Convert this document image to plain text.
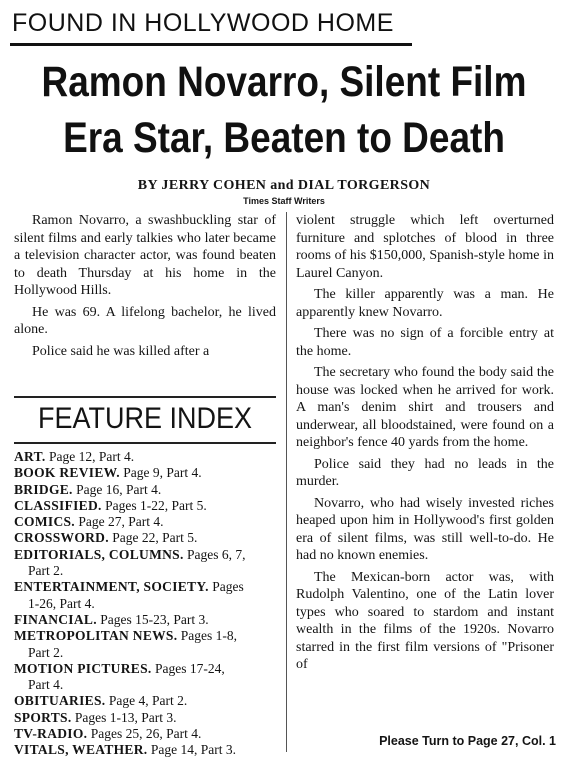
FOUND IN HOLLYWOOD HOME
Ramon Novarro, Silent Film
Era Star, Beaten to Death
BY JERRY COHEN and DIAL TORGERSON
Times Staff Writers

Ramon Novarro, a swashbuckling star of silent films and early talkies who later became a television character actor, was found beaten to death Thursday at his home in the Hollywood Hills.

He was 69. A lifelong bachelor, he lived alone.

Police said he was killed after a

FEATURE INDEX
ART. Page 12, Part 4.
BOOK REVIEW. Page 9, Part 4.
BRIDGE. Page 16, Part 4.
CLASSIFIED. Pages 1-22, Part 5.
COMICS. Page 27, Part 4.
CROSSWORD. Page 22, Part 5.
EDITORIALS, COLUMNS. Pages 6, 7,
Part 2.
ENTERTAINMENT, SOCIETY. Pages
1-26, Part 4.
FINANCIAL. Pages 15-23, Part 3.
METROPOLITAN NEWS. Pages 1-8,
Part 2.
MOTION PICTURES. Pages 17-24,
Part 4.
OBITUARIES. Page 4, Part 2.
SPORTS. Pages 1-13, Part 3.
TV-RADIO. Pages 25, 26, Part 4.
VITALS, WEATHER. Page 14, Part 3.

violent struggle which left overturned furniture and splotches of blood in three rooms of his $150,000, Spanish-style home in Laurel Canyon.

The killer apparently was a man. He apparently knew Novarro.

There was no sign of a forcible entry at the home.

The secretary who found the body said the house was locked when he arrived for work. A man's denim shirt and trousers and underwear, all bloodstained, were found on a neighbor's fence 40 yards from the home.

Police said they had no leads in the murder.

Novarro, who had wisely invested riches heaped upon him in Hollywood's first golden era of silent films, was still well-to-do. He had no known enemies.

The Mexican-born actor was, with Rudolph Valentino, one of the Latin lover types who soared to stardom and instant wealth in the films of the 1920s. Novarro starred in the first film versions of "Prisoner of

Please Turn to Page 27, Col. 1
